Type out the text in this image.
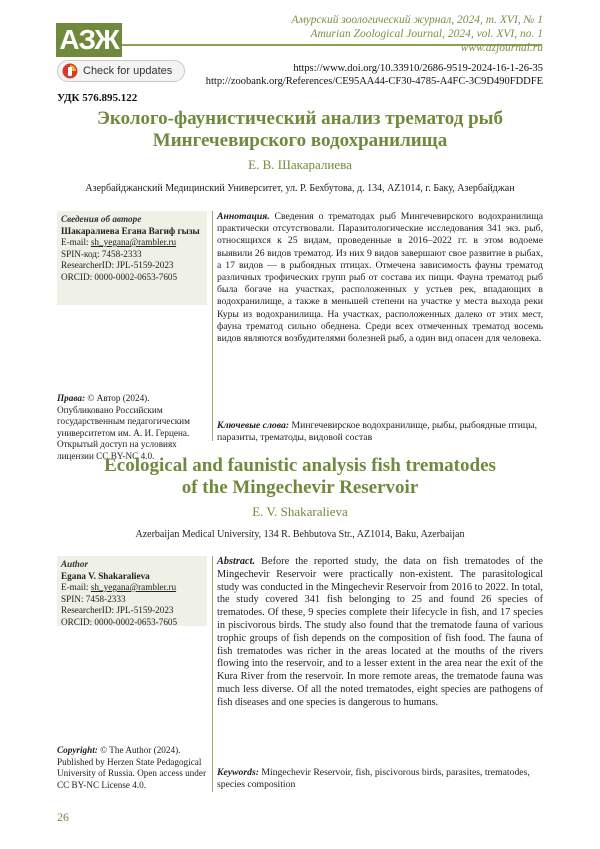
АЗЖ
Амурский зоологический журнал, 2024, т. XVI, № 1
Amurian Zoological Journal, 2024, vol. XVI, no. 1
www.azjournal.ru
Check for updates	https://www.doi.org/10.33910/2686-9519-2024-16-1-26-35
http://zoobank.org/References/CE95AA44-CF30-4785-A4FC-3C9D490FDDFE
УДК 576.895.122
Эколого-фаунистический анализ трематод рыб
Мингечевирского водохранилища
Е. В. Шакаралиева
Азербайджанский Медицинский Университет, ул. Р. Бехбутова, д. 134, AZ1014, г. Баку, Азербайджан
Сведения об авторе
Шакаралиева Егана Вагиф гызы
E-mail: sh_yegana@rambler.ru
SPIN-код: 7458-2333
ResearcherID: JPL-5159-2023
ORCID: 0000-0002-0653-7605
Права: © Автор (2024). Опубликовано Российским государственным педагогическим университетом им. А. И. Герцена. Открытый доступ на условиях лицензии CC BY-NC 4.0.
Аннотация. Сведения о трематодах рыб Мингечевирского водохранилища практически отсутствовали. Паразитологические исследования 341 экз. рыб, относящихся к 25 видам, проведенные в 2016–2022 гг. в этом водоеме выявили 26 видов трематод. Из них 9 видов завершают свое развитие в рыбах, а 17 видов — в рыбоядных птицах. Отмечена зависимость фауны трематод различных трофических групп рыб от состава их пищи. Фауна трематод рыб была богаче на участках, расположенных у устьев рек, впадающих в водохранилище, а также в меньшей степени на участке у места выхода реки Куры из водохранилища. На участках, расположенных далеко от этих мест, фауна трематод сильно обеднена. Среди всех отмеченных трематод восемь видов являются возбудителями болезней рыб, а один вид опасен для человека.
Ключевые слова: Мингечевирское водохранилище, рыбы, рыбоядные птицы, паразиты, трематоды, видовой состав
Ecological and faunistic analysis fish trematodes
of the Mingechevir Reservoir
E. V. Shakaralieva
Azerbaijan Medical University, 134 R. Behbutova Str., AZ1014, Baku, Azerbaijan
Author
Egana V. Shakaralieva
E-mail: sh_yegana@rambler.ru
SPIN: 7458-2333
ResearcherID: JPL-5159-2023
ORCID: 0000-0002-0653-7605
Copyright: © The Author (2024). Published by Herzen State Pedagogical University of Russia. Open access under CC BY-NC License 4.0.
Abstract. Before the reported study, the data on fish trematodes of the Mingechevir Reservoir were practically non-existent. The parasitological study was conducted in the Mingechevir Reservoir from 2016 to 2022. In total, the study covered 341 fish belonging to 25 and found 26 species of trematodes. Of these, 9 species complete their lifecycle in fish, and 17 species in piscivorous birds. The study also found that the trematode fauna of various trophic groups of fish depends on the composition of fish food. The fauna of fish trematodes was richer in the areas located at the mouths of the rivers flowing into the reservoir, and to a lesser extent in the area near the exit of the Kura River from the reservoir. In more remote areas, the trematode fauna was much less diverse. Of all the noted trematodes, eight species are pathogens of fish diseases and one species is dangerous to humans.
Keywords: Mingechevir Reservoir, fish, piscivorous birds, parasites, trematodes, species composition
26
